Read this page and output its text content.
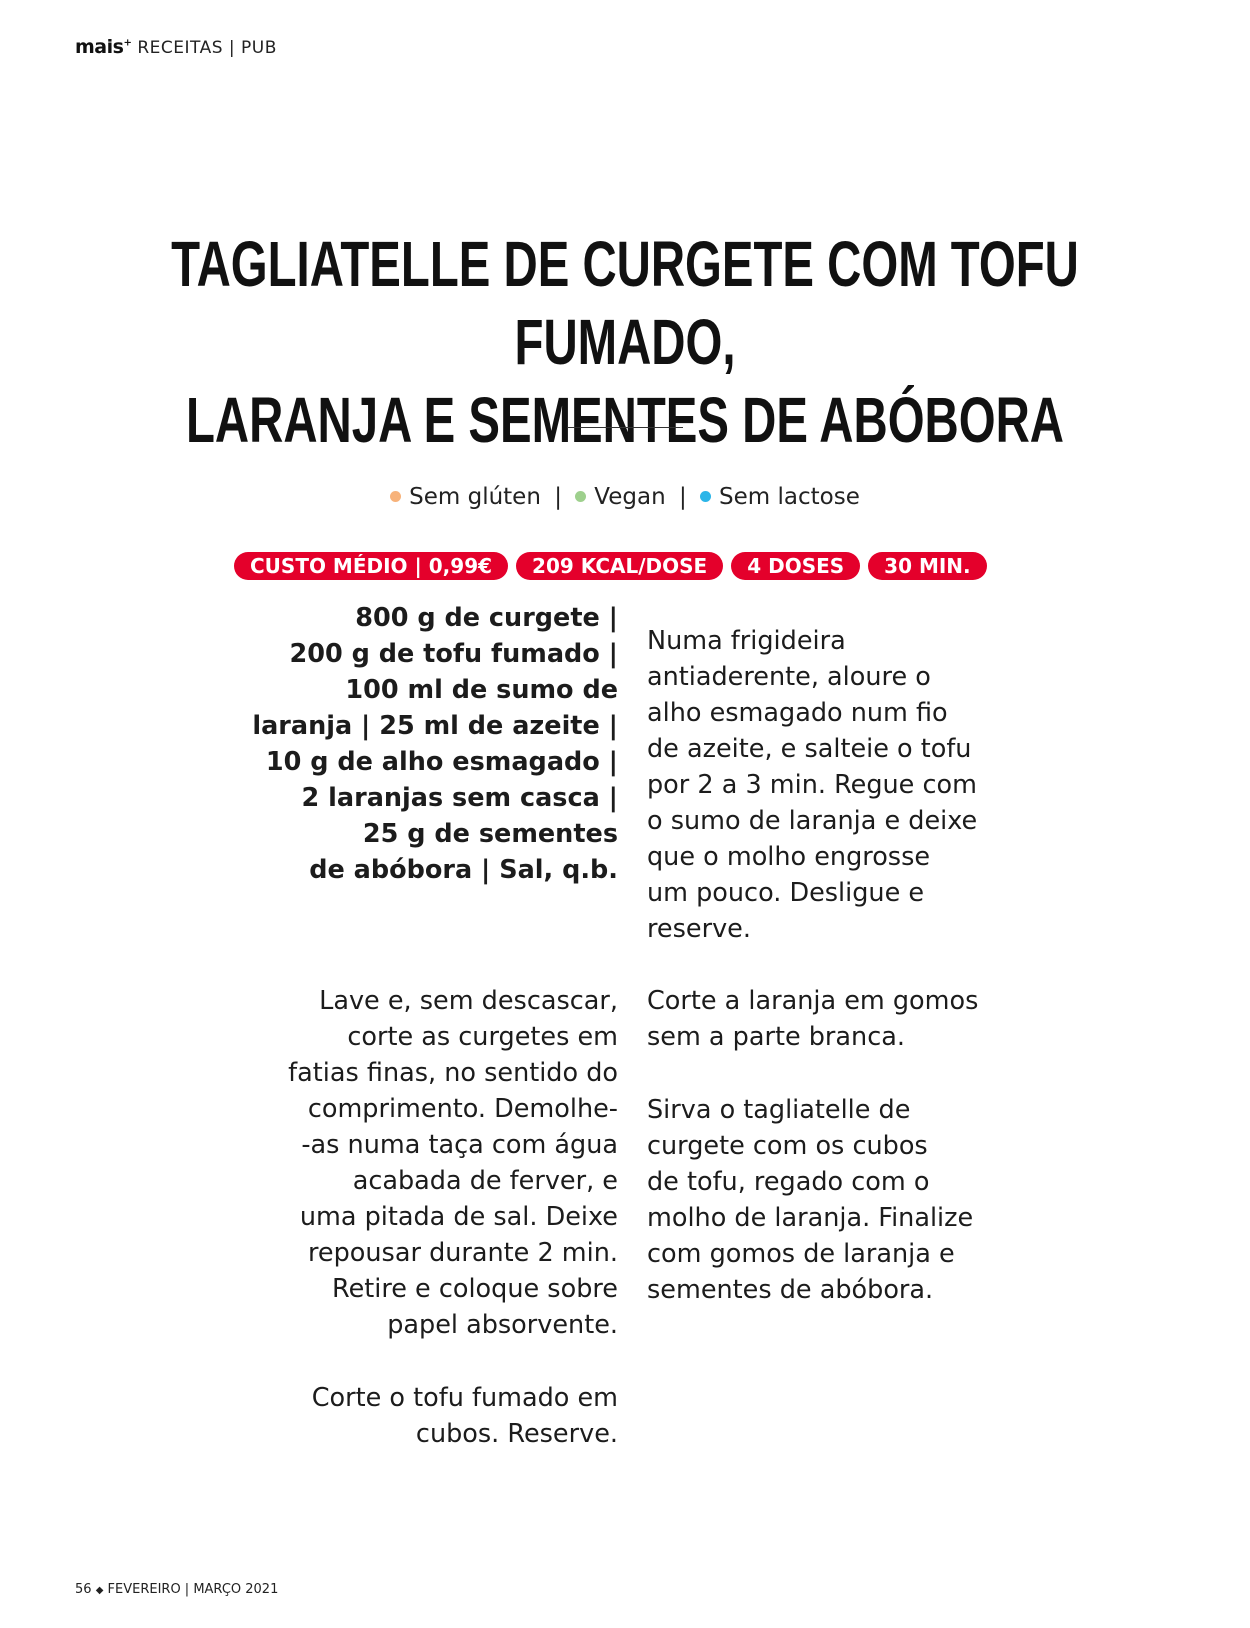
mais+ RECEITAS | PUB
TAGLIATELLE DE CURGETE COM TOFU FUMADO,
LARANJA E SEMENTES DE ABÓBORA
Sem glúten | Vegan | Sem lactose
CUSTO MÉDIO | 0,99€	209 KCAL/DOSE	4 DOSES	30 MIN.
800 g de curgete |
200 g de tofu fumado |
100 ml de sumo de
laranja | 25 ml de azeite |
10 g de alho esmagado |
2 laranjas sem casca |
25 g de sementes
de abóbora | Sal, q.b.
Lave e, sem descascar,
corte as curgetes em
fatias finas, no sentido do
comprimento. Demolhe-
-as numa taça com água
acabada de ferver, e
uma pitada de sal. Deixe
repousar durante 2 min.
Retire e coloque sobre
papel absorvente.
Corte o tofu fumado em
cubos. Reserve.
Numa frigideira
antiaderente, aloure o
alho esmagado num fio
de azeite, e salteie o tofu
por 2 a 3 min. Regue com
o sumo de laranja e deixe
que o molho engrosse
um pouco. Desligue e
reserve.
Corte a laranja em gomos
sem a parte branca.
Sirva o tagliatelle de
curgete com os cubos
de tofu, regado com o
molho de laranja. Finalize
com gomos de laranja e
sementes de abóbora.
56 ◆ FEVEREIRO | MARÇO 2021
